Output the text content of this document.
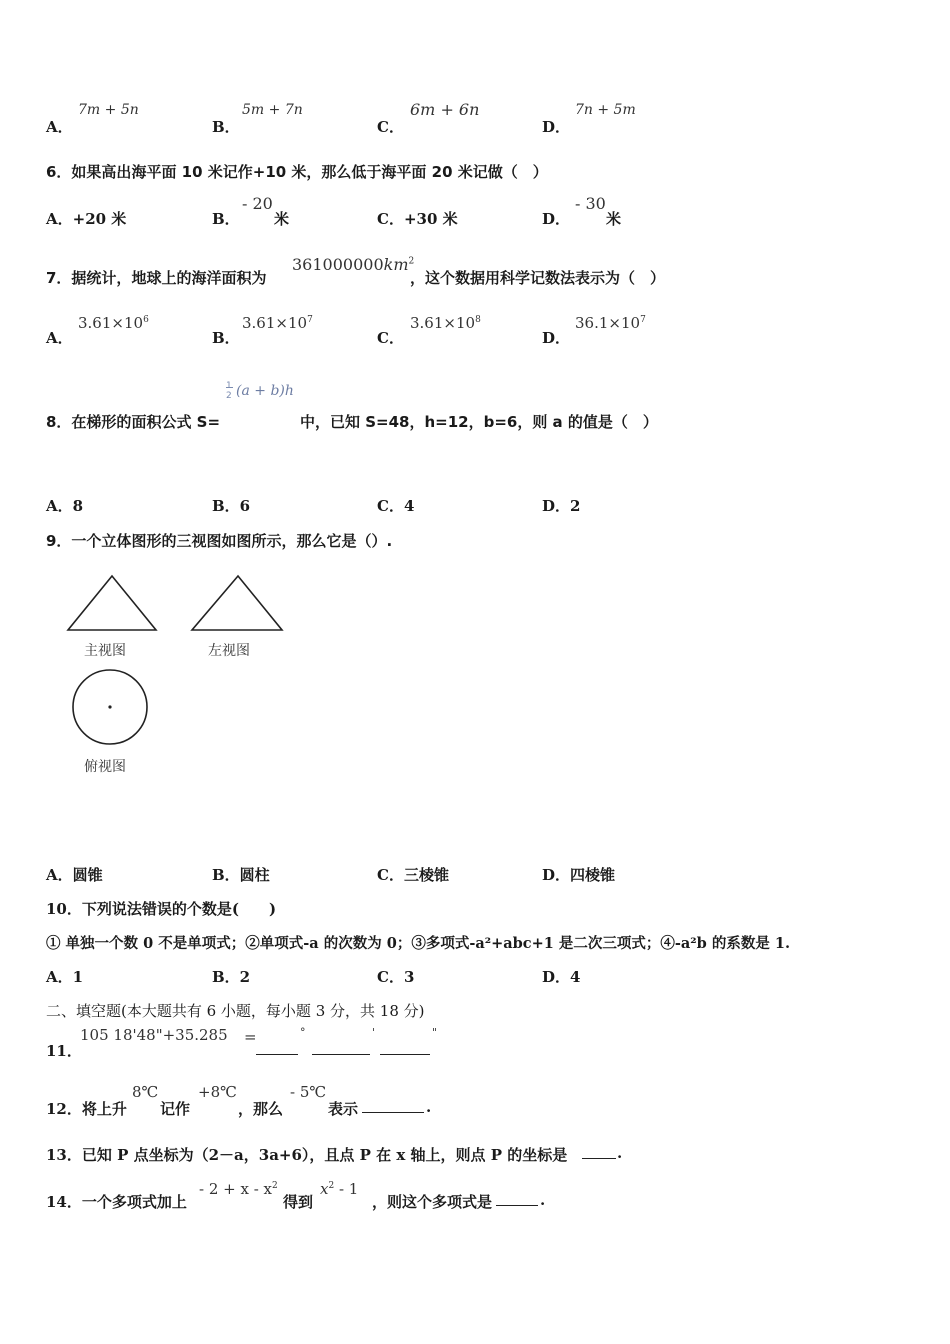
A．
7m + 5n
B．
5m + 7n
C．
6m + 6n
D．
7n + 5m
6．如果高出海平面 10 米记作+10 米，那么低于海平面 20 米记做（　）
A．+20 米	B．
- 20
米	C．+30 米	D．
- 30
米
7．据统计，地球上的海洋面积为
$361000000km^2$
，这个数据用科学记数法表示为（　）
A．
$3.61\times 10^6$
B．
$3.61\times 10^7$
C．
$3.61\times 10^8$
D．
$36.1\times 10^7$
1
2 (a + b)h
8．在梯形的面积公式 S=	中，已知 S=48，h=12，b=6，则 a 的值是（　）
A．8	B．6	C．4	D．2
9．一个立体图形的三视图如图所示，那么它是（）.
主视图	左视图
俯视图
A．圆锥	B．圆柱	C．三棱锥	D．四棱锥
10．下列说法错误的个数是(　　)
① 单独一个数 0 不是单项式；②单项式-a 的次数为 0；③多项式-a²+abc+1 是二次三项式；④-a²b 的系数是 1.
A．1	B．2	C．3	D．4
二、填空题(本大题共有 6 小题，每小题 3 分，共 18 分)
11．
105 18'48"+35.285 =	°	'	"
12．将上升
8℃
记作
+8℃
，那么
- 5℃
表示	.
13．已知 P 点坐标为（2－a，3a+6），且点 P 在 x 轴上，则点 P 的坐标是	.
14．一个多项式加上
- $2 + x - x^2$
得到
$x^2 - 1$
，则这个多项式是	.
